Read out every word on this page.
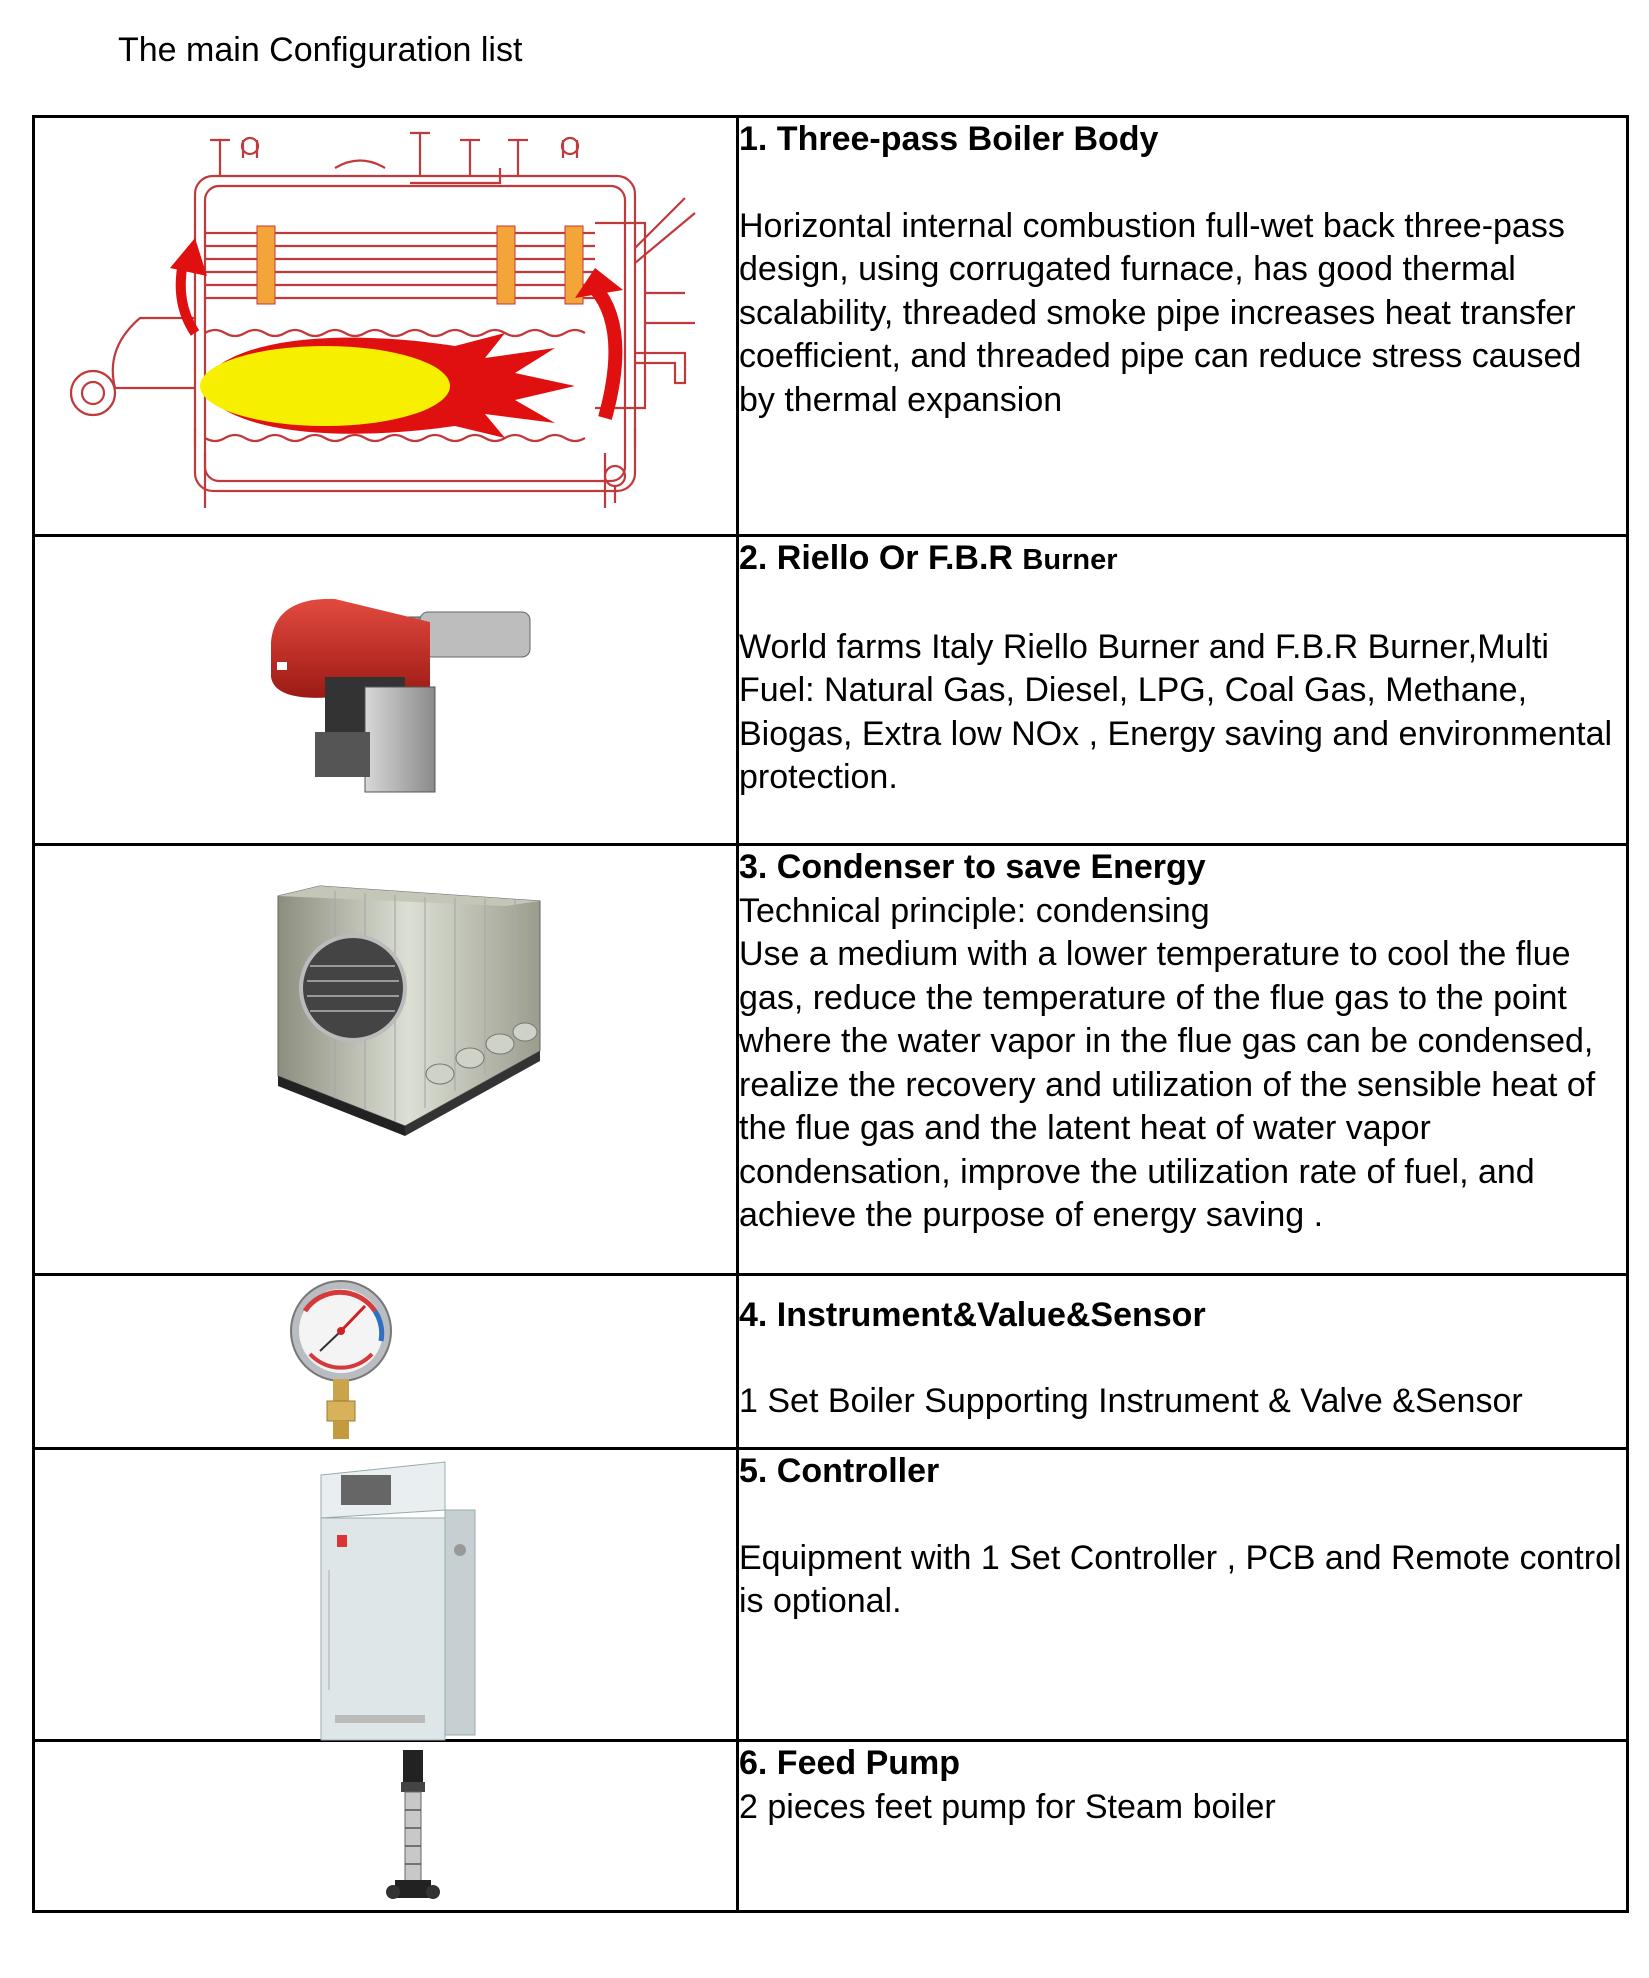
The main Configuration list

1. Three-pass Boiler Body
Horizontal internal combustion full-wet back three-pass design, using corrugated furnace, has good thermal scalability, threaded smoke pipe increases heat transfer coefficient, and threaded pipe can reduce stress caused by thermal expansion

2. Riello Or F.B.R Burner
World farms Italy Riello Burner and F.B.R Burner,Multi Fuel: Natural Gas, Diesel, LPG, Coal Gas, Methane, Biogas, Extra low NOx , Energy saving and environmental protection.

3. Condenser to save Energy
Technical principle: condensing
Use a medium with a lower temperature to cool the flue gas, reduce the temperature of the flue gas to the point where the water vapor in the flue gas can be condensed, realize the recovery and utilization of the sensible heat of the flue gas and the latent heat of water vapor condensation, improve the utilization rate of fuel, and achieve the purpose of energy saving .

4. Instrument&Value&Sensor
1 Set Boiler Supporting Instrument & Valve &Sensor

5. Controller
Equipment with 1 Set Controller , PCB and Remote control is optional.

6. Feed Pump
2 pieces feet pump for Steam boiler
